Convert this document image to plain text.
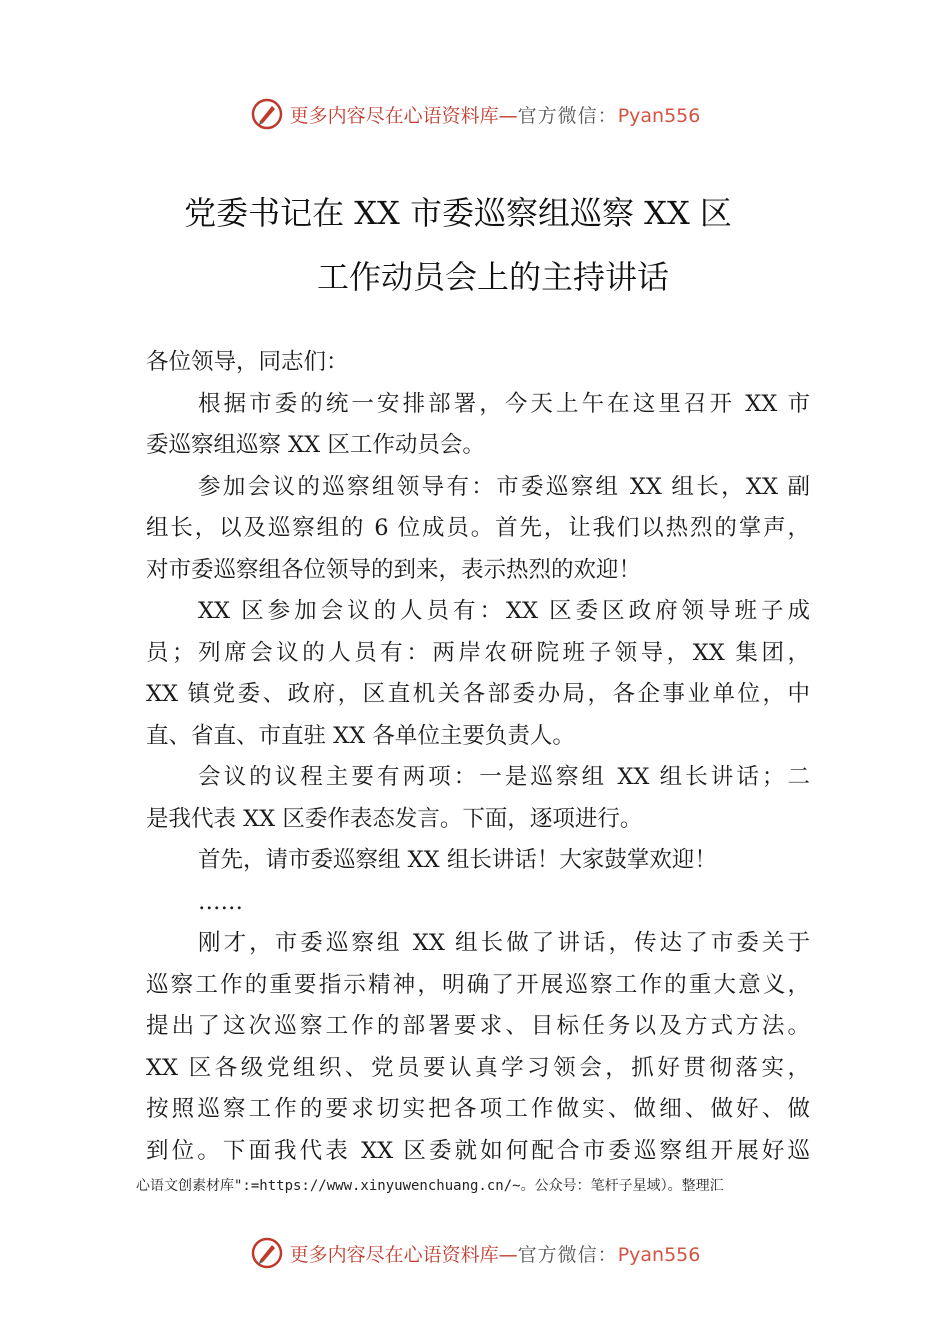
更多内容尽在心语资料库—官方微信：Pyan556
党委书记在 XX 市委巡察组巡察 XX 区
工作动员会上的主持讲话
各位领导，同志们：
根据市委的统一安排部署，今天上午在这里召开 XX 市
委巡察组巡察 XX 区工作动员会。
参加会议的巡察组领导有：市委巡察组 XX 组长，XX 副
组长，以及巡察组的 6 位成员。首先，让我们以热烈的掌声，
对市委巡察组各位领导的到来，表示热烈的欢迎！
XX 区参加会议的人员有：XX 区委区政府领导班子成
员；列席会议的人员有：两岸农研院班子领导，XX 集团，
XX 镇党委、政府，区直机关各部委办局，各企事业单位，中
直、省直、市直驻 XX 各单位主要负责人。
会议的议程主要有两项：一是巡察组 XX 组长讲话；二
是我代表 XX 区委作表态发言。下面，逐项进行。
首先，请市委巡察组 XX 组长讲话！大家鼓掌欢迎！
……
刚才，市委巡察组 XX 组长做了讲话，传达了市委关于
巡察工作的重要指示精神，明确了开展巡察工作的重大意义，
提出了这次巡察工作的部署要求、目标任务以及方式方法。
XX 区各级党组织、党员要认真学习领会，抓好贯彻落实，
按照巡察工作的要求切实把各项工作做实、做细、做好、做
到位。下面我代表 XX 区委就如何配合市委巡察组开展好巡
心语文创素材库":=https://www.xinyuwenchuang.cn/~。公众号：笔杆子星域）。整理汇
更多内容尽在心语资料库—官方微信：Pyan556
